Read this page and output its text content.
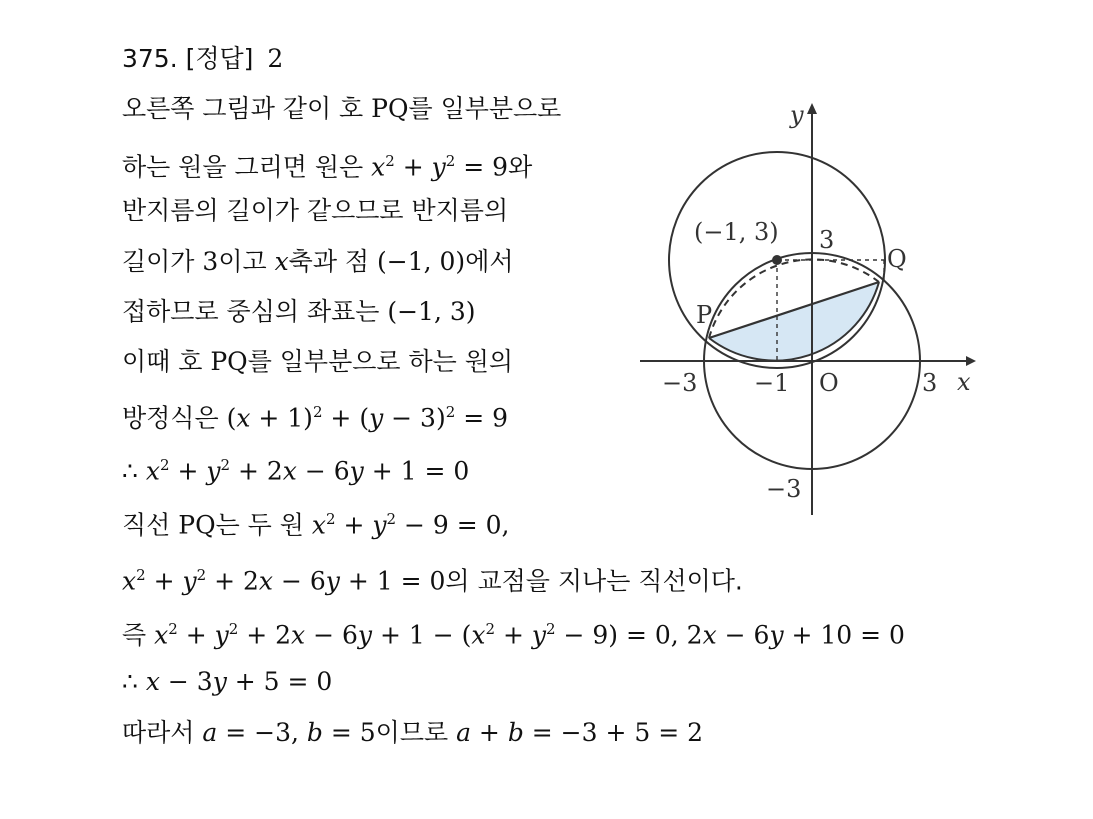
375. [정답] 2
오른쪽 그림과 같이 호 PQ를 일부분으로
하는 원을 그리면 원은 $x^2 + y^2 = 9$와
반지름의 길이가 같으므로 반지름의
길이가 3이고 x축과 점 (−1, 0)에서
접하므로 중심의 좌표는 (−1, 3)
이때 호 PQ를 일부분으로 하는 원의
방정식은 $(x + 1)^2 + (y - 3)^2 = 9$
∴ $x^2 + y^2 + 2x - 6y + 1 = 0$
직선 PQ는 두 원 $x^2 + y^2 - 9 = 0$,
$x^2 + y^2 + 2x - 6y + 1 = 0$의 교점을 지나는 직선이다.
즉 $x^2 + y^2 + 2x - 6y + 1 - (x^2 + y^2 - 9) = 0$, 2x − 6y + 10 = 0
∴ x − 3y + 5 = 0
따라서 a = −3, b = 5이므로 a + b = −3 + 5 = 2
y
x
O
−3 −1	3
3
−3
(−1, 3)
P
Q
